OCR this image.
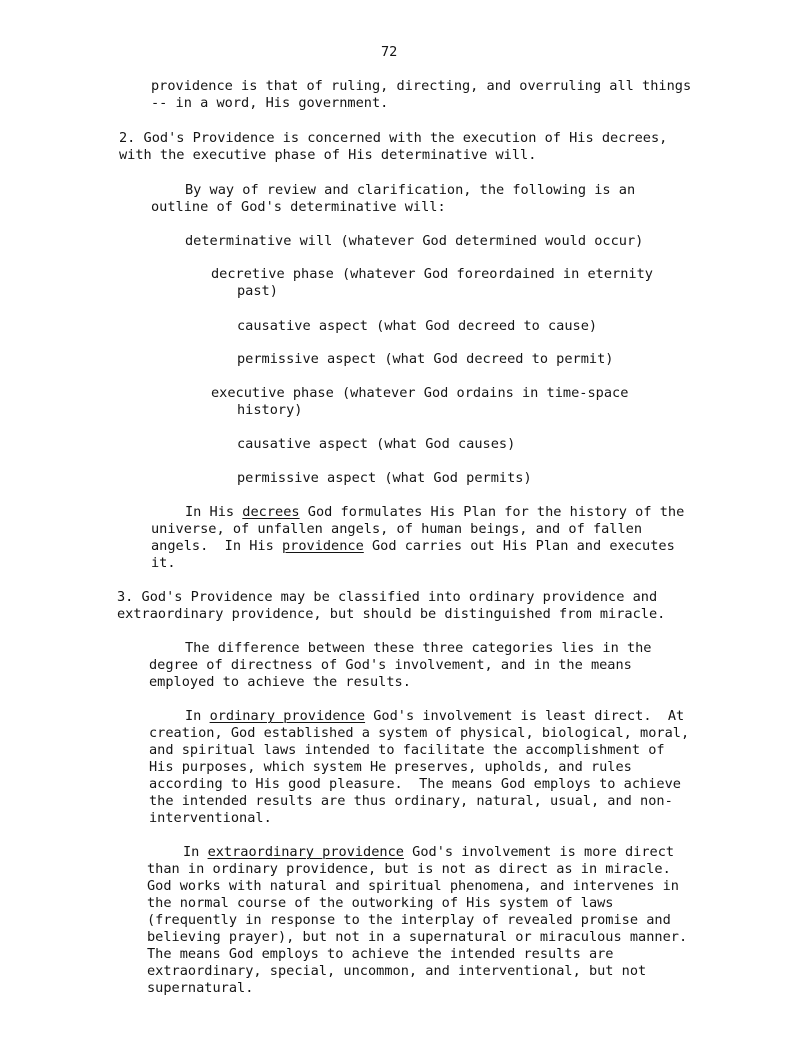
72
providence is that of ruling, directing, and overruling all things
-- in a word, His government.
2. God's Providence is concerned with the execution of His decrees,
with the executive phase of His determinative will.
By way of review and clarification, the following is an
outline of God's determinative will:
determinative will (whatever God determined would occur)
decretive phase (whatever God foreordained in eternity
past)
causative aspect (what God decreed to cause)
permissive aspect (what God decreed to permit)
executive phase (whatever God ordains in time-space
history)
causative aspect (what God causes)
permissive aspect (what God permits)
In His decrees God formulates His Plan for the history of the
universe, of unfallen angels, of human beings, and of fallen
angels.  In His providence God carries out His Plan and executes
it.
3. God's Providence may be classified into ordinary providence and
extraordinary providence, but should be distinguished from miracle.
The difference between these three categories lies in the
degree of directness of God's involvement, and in the means
employed to achieve the results.
In ordinary providence God's involvement is least direct.  At
creation, God established a system of physical, biological, moral,
and spiritual laws intended to facilitate the accomplishment of
His purposes, which system He preserves, upholds, and rules
according to His good pleasure.  The means God employs to achieve
the intended results are thus ordinary, natural, usual, and non-
interventional.
In extraordinary providence God's involvement is more direct
than in ordinary providence, but is not as direct as in miracle.
God works with natural and spiritual phenomena, and intervenes in
the normal course of the outworking of His system of laws
(frequently in response to the interplay of revealed promise and
believing prayer), but not in a supernatural or miraculous manner.
The means God employs to achieve the intended results are
extraordinary, special, uncommon, and interventional, but not
supernatural.
